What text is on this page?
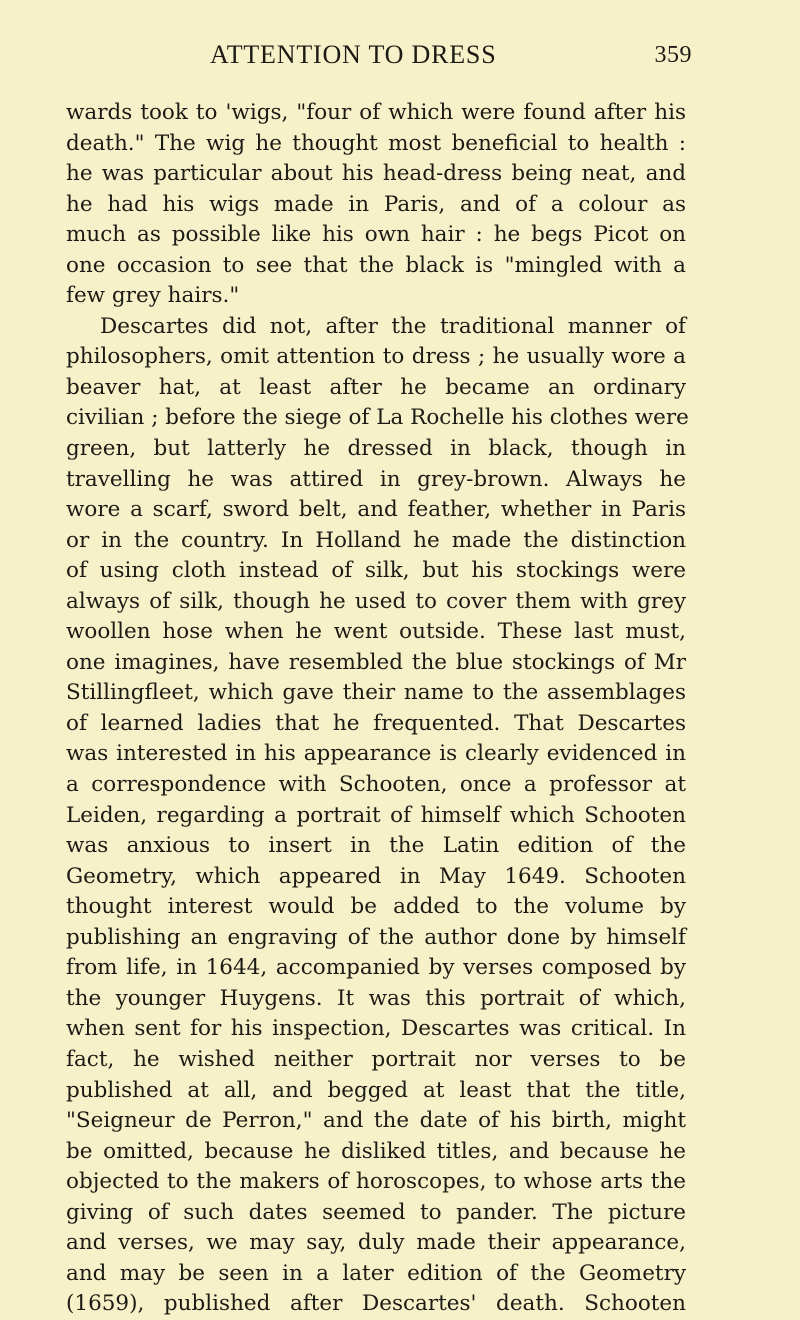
ATTENTION TO DRESS	359
wards took to 'wigs, "four of which were found after his
death." The wig he thought most beneficial to health :
he was particular about his head-dress being neat, and
he had his wigs made in Paris, and of a colour as
much as possible like his own hair : he begs Picot on
one occasion to see that the black is "mingled with a
few grey hairs."
Descartes did not, after the traditional manner of
philosophers, omit attention to dress ; he usually wore a
beaver hat, at least after he became an ordinary
civilian ; before the siege of La Rochelle his clothes were
green, but latterly he dressed in black, though in
travelling he was attired in grey-brown. Always he
wore a scarf, sword belt, and feather, whether in Paris
or in the country. In Holland he made the distinction
of using cloth instead of silk, but his stockings were
always of silk, though he used to cover them with grey
woollen hose when he went outside. These last must,
one imagines, have resembled the blue stockings of Mr
Stillingfleet, which gave their name to the assemblages
of learned ladies that he frequented. That Descartes
was interested in his appearance is clearly evidenced in
a correspondence with Schooten, once a professor at
Leiden, regarding a portrait of himself which Schooten
was anxious to insert in the Latin edition of the
Geometry, which appeared in May 1649. Schooten
thought interest would be added to the volume by
publishing an engraving of the author done by himself
from life, in 1644, accompanied by verses composed by
the younger Huygens. It was this portrait of which,
when sent for his inspection, Descartes was critical. In
fact, he wished neither portrait nor verses to be
published at all, and begged at least that the title,
"Seigneur de Perron," and the date of his birth, might
be omitted, because he disliked titles, and because he
objected to the makers of horoscopes, to whose arts the
giving of such dates seemed to pander. The picture
and verses, we may say, duly made their appearance,
and may be seen in a later edition of the Geometry
(1659), published after Descartes' death. Schooten
